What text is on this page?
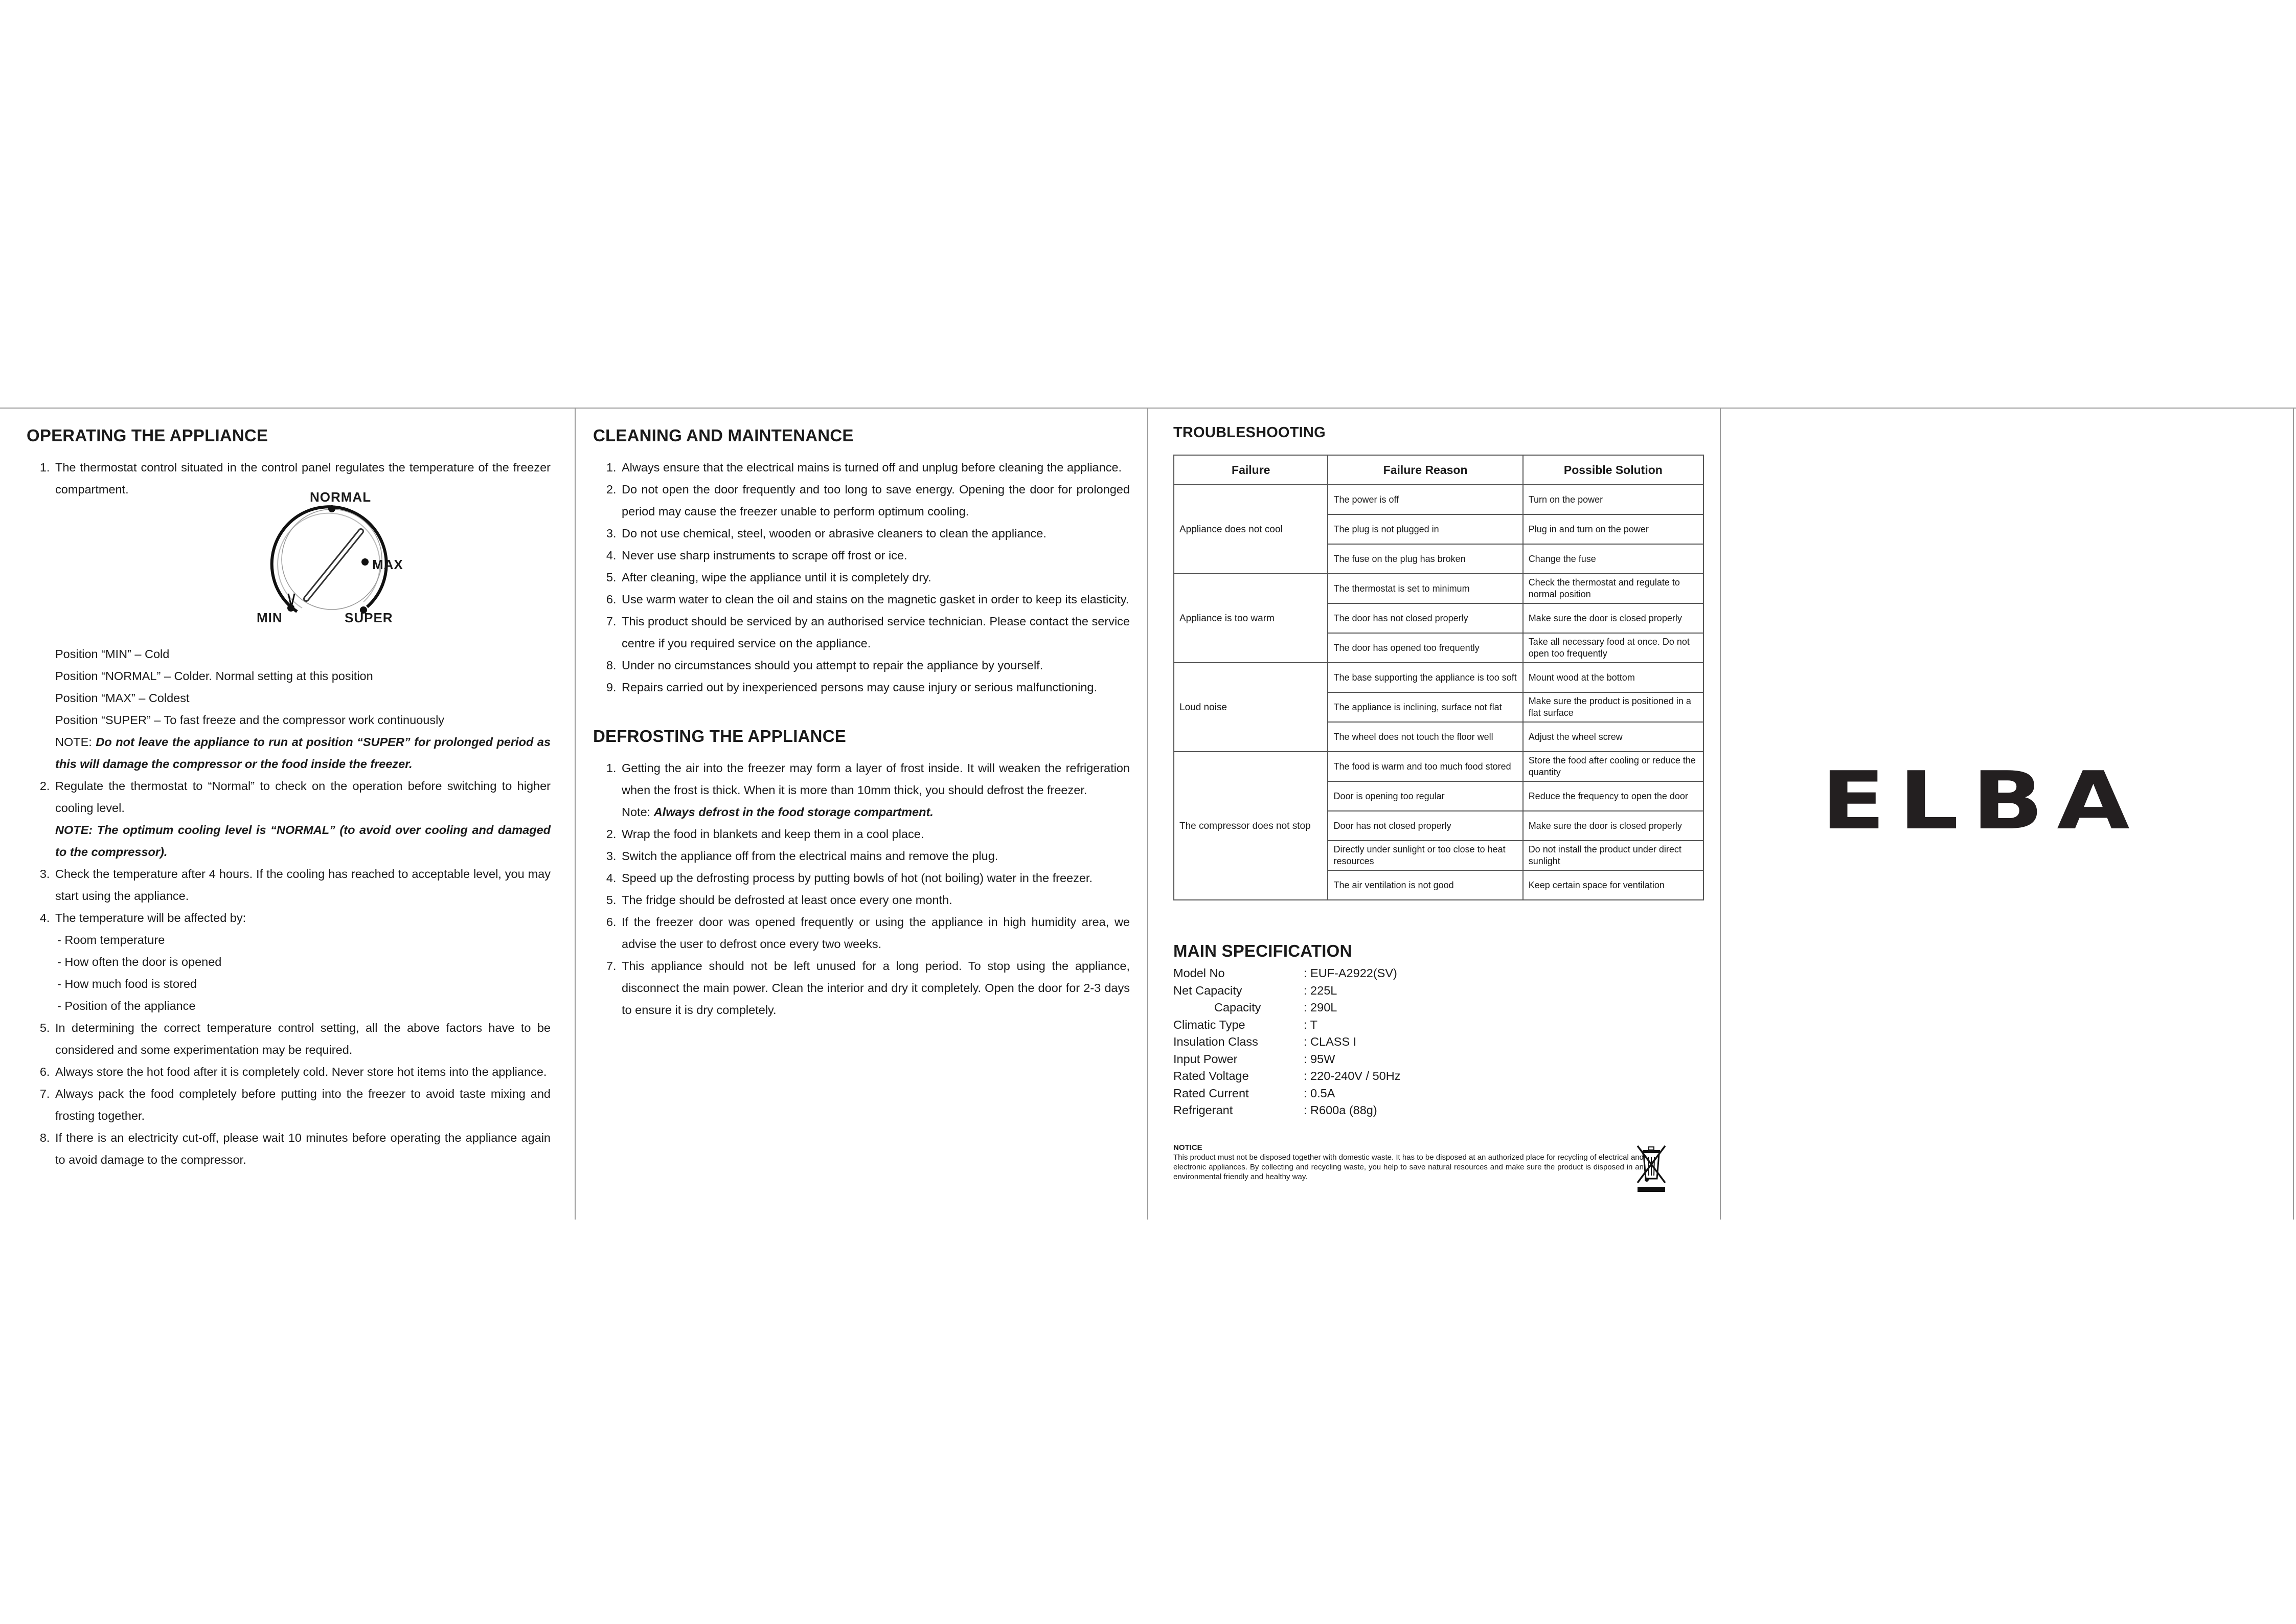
OPERATING THE APPLIANCE
1. The thermostat control situated in the control panel regulates the temperature of the freezer compartment.	NORMAL
MAX
MIN	SUPER
Position “MIN” – Cold
Position “NORMAL” – Colder. Normal setting at this position
Position “MAX” – Coldest
Position “SUPER” – To fast freeze and the compressor work continuously
NOTE: Do not leave the appliance to run at position “SUPER” for prolonged period as this will damage the compressor or the food inside the freezer.
2. Regulate the thermostat to “Normal” to check on the operation before switching to higher cooling level.
NOTE: The optimum cooling level is “NORMAL” (to avoid over cooling and damaged to the compressor).
3. Check the temperature after 4 hours. If the cooling has reached to acceptable level, you may start using the appliance.
4. The temperature will be affected by:
- Room temperature
- How often the door is opened
- How much food is stored
- Position of the appliance
5. In determining the correct temperature control setting, all the above factors have to be considered and some experimentation may be required.
6. Always store the hot food after it is completely cold. Never store hot items into the appliance.
7. Always pack the food completely before putting into the freezer to avoid taste mixing and frosting together.
8. If there is an electricity cut-off, please wait 10 minutes before operating the appliance again to avoid damage to the compressor.
CLEANING AND MAINTENANCE
1. Always ensure that the electrical mains is turned off and unplug before cleaning the appliance.
2. Do not open the door frequently and too long to save energy. Opening the door for prolonged period may cause the freezer unable to perform optimum cooling.
3. Do not use chemical, steel, wooden or abrasive cleaners to clean the appliance.
4. Never use sharp instruments to scrape off frost or ice.
5. After cleaning, wipe the appliance until it is completely dry.
6. Use warm water to clean the oil and stains on the magnetic gasket in order to keep its elasticity.
7. This product should be serviced by an authorised service technician. Please contact the service centre if you required service on the appliance.
8. Under no circumstances should you attempt to repair the appliance by yourself.
9. Repairs carried out by inexperienced persons may cause injury or serious malfunctioning.
DEFROSTING THE APPLIANCE
1. Getting the air into the freezer may form a layer of frost inside. It will weaken the refrigeration when the frost is thick. When it is more than 10mm thick, you should defrost the freezer.
Note: Always defrost in the food storage compartment.
2. Wrap the food in blankets and keep them in a cool place.
3. Switch the appliance off from the electrical mains and remove the plug.
4. Speed up the defrosting process by putting bowls of hot (not boiling) water in the freezer.
5. The fridge should be defrosted at least once every one month.
6. If the freezer door was opened frequently or using the appliance in high humidity area, we advise the user to defrost once every two weeks.
7. This appliance should not be left unused for a long period. To stop using the appliance, disconnect the main power. Clean the interior and dry it completely. Open the door for 2-3 days to ensure it is dry completely.
TROUBLESHOOTING
Failure	Failure Reason	Possible Solution
Appliance does not cool	The power is off	Turn on the power
	The plug is not plugged in	Plug in and turn on the power
	The fuse on the plug has broken	Change the fuse
Appliance is too warm	The thermostat is set to minimum	Check the thermostat and regulate to normal position
	The door has not closed properly	Make sure the door is closed properly
	The door has opened too frequently	Take all necessary food at once. Do not open too frequently
Loud noise	The base supporting the appliance is too soft	Mount wood at the bottom
	The appliance is inclining, surface not flat	Make sure the product is positioned in a flat surface
	The wheel does not touch the floor well	Adjust the wheel screw
The compressor does not stop	The food is warm and too much food stored	Store the food after cooling or reduce the quantity
	Door is opening too regular	Reduce the frequency to open the door
	Door has not closed properly	Make sure the door is closed properly
	Directly under sunlight or too close to heat resources	Do not install the product under direct sunlight
	The air ventilation is not good	Keep certain space for ventilation
MAIN SPECIFICATION
Model No	: EUF-A2922(SV)
Net Capacity	: 225L
Capacity	: 290L
Climatic Type	: T
Insulation Class	: CLASS I
Input Power	: 95W
Rated Voltage	: 220-240V / 50Hz
Rated Current	: 0.5A
Refrigerant	: R600a (88g)
NOTICE
This product must not be disposed together with domestic waste. It has to be disposed at an authorized place for recycling of electrical and electronic appliances. By collecting and recycling waste, you help to save natural resources and make sure the product is disposed in an environmental friendly and healthy way.
ELBA
